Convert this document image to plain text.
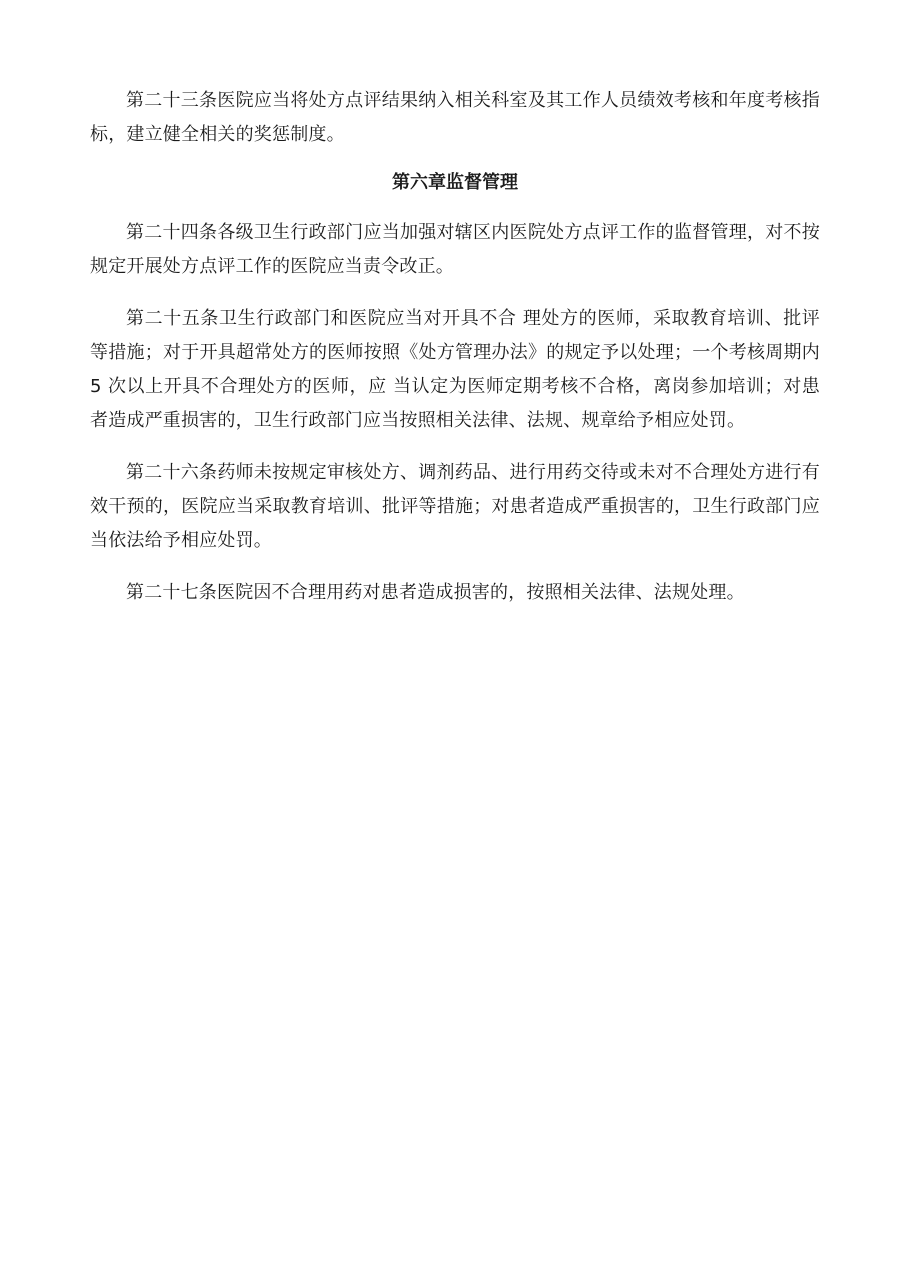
第二十三条医院应当将处方点评结果纳入相关科室及其工作人员绩效考核和年度考核指标，建立健全相关的奖惩制度。

第六章监督管理

第二十四条各级卫生行政部门应当加强对辖区内医院处方点评工作的监督管理，对不按规定开展处方点评工作的医院应当责令改正。

第二十五条卫生行政部门和医院应当对开具不合 理处方的医师，采取教育培训、批评等措施；对于开具超常处方的医师按照《处方管理办法》的规定予以处理；一个考核周期内 5 次以上开具不合理处方的医师，应 当认定为医师定期考核不合格，离岗参加培训；对患者造成严重损害的，卫生行政部门应当按照相关法律、法规、规章给予相应处罚。

第二十六条药师未按规定审核处方、调剂药品、进行用药交待或未对不合理处方进行有效干预的，医院应当采取教育培训、批评等措施；对患者造成严重损害的，卫生行政部门应当依法给予相应处罚。

第二十七条医院因不合理用药对患者造成损害的，按照相关法律、法规处理。
